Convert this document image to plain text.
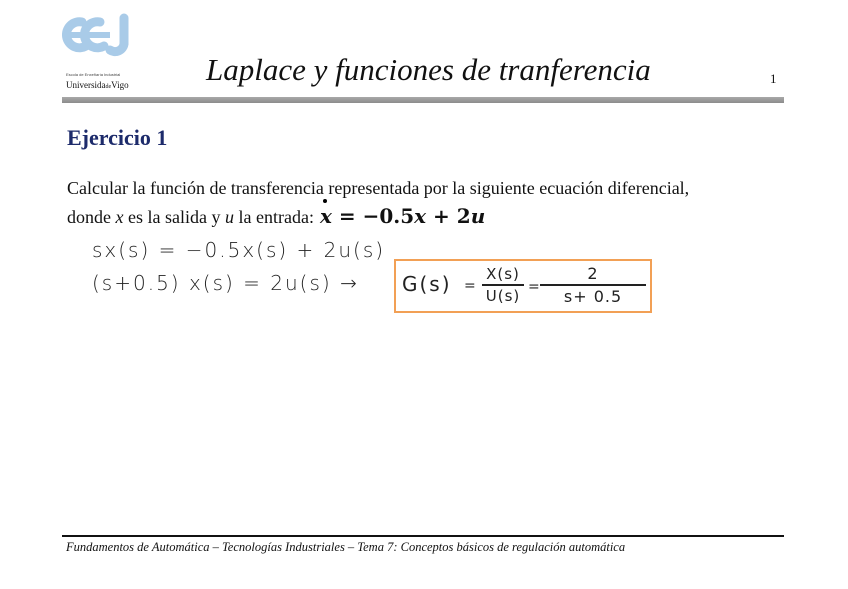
Escola de Enxeñaría Industrial
UniversidadeVigo Laplace y funciones de tranferencia	1
Ejercicio 1
Calcular la función de transferencia representada por la siguiente ecuación diferencial,
donde x es la salida y u la entrada: x = −0.5x + 2u
sx(s) = −0.5x(s) + 2u(s)
(s+0.5) x(s) = 2u(s) → G(s) =
X(s)
U(s) =
2
s+ 0.5
Fundamentos de Automática – Tecnologías Industriales – Tema 7: Conceptos básicos de regulación automática
